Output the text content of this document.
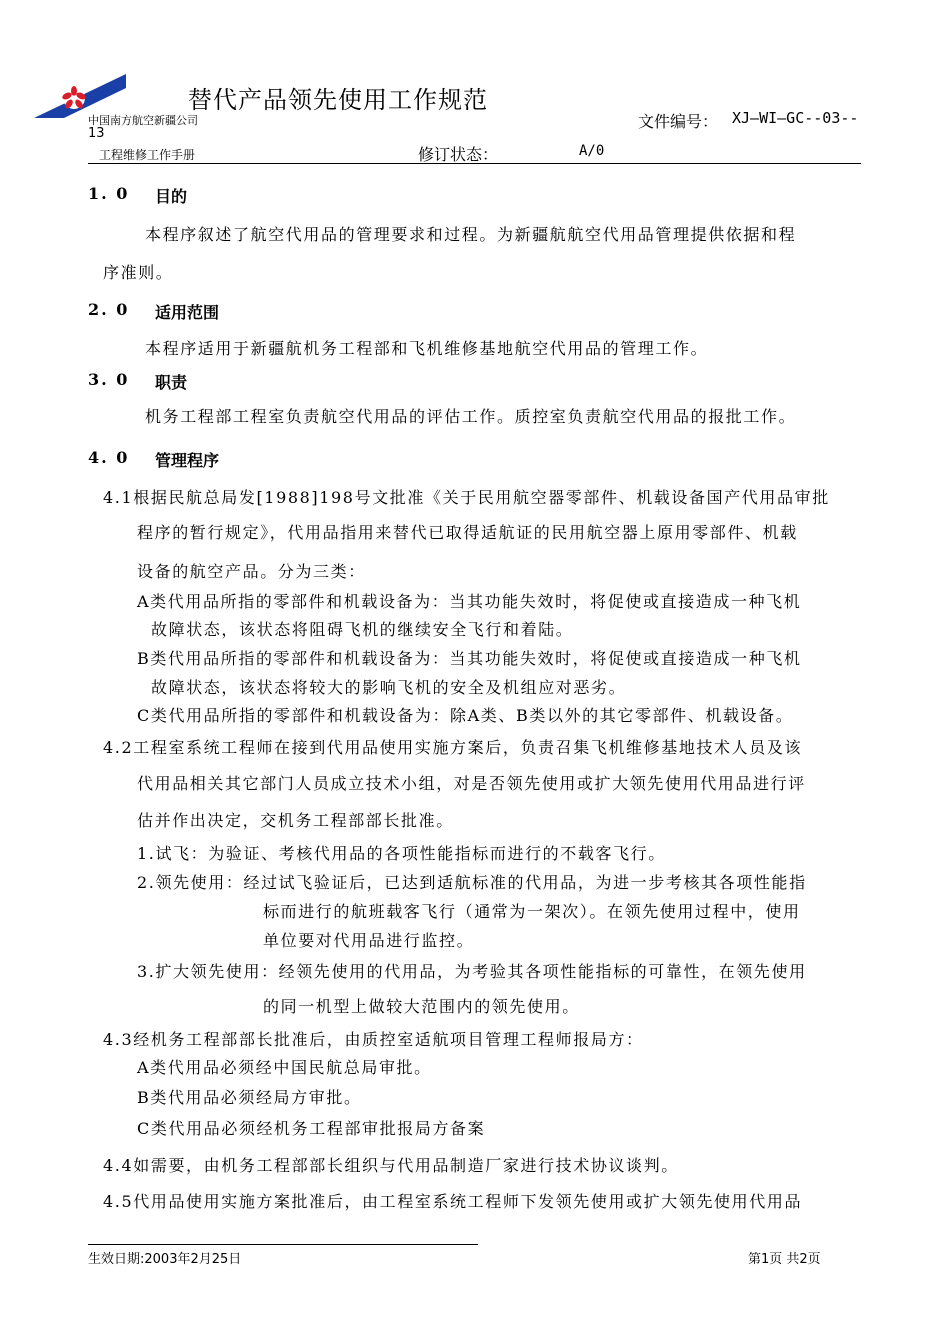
替代产品领先使用工作规范
中国南方航空新疆公司
13
文件编号： XJ—WI—GC--03--
工程维修工作手册	修订状态：	A/0
1. 0 目的
本程序叙述了航空代用品的管理要求和过程。为新疆航航空代用品管理提供依据和程
序准则。
2. 0 适用范围
本程序适用于新疆航机务工程部和飞机维修基地航空代用品的管理工作。
3. 0 职责
机务工程部工程室负责航空代用品的评估工作。质控室负责航空代用品的报批工作。
4. 0 管理程序
4.1根据民航总局发[1988]198号文批准《关于民用航空器零部件、机载设备国产代用品审批
程序的暂行规定》，代用品指用来替代已取得适航证的民用航空器上原用零部件、机载
设备的航空产品。分为三类：
A类代用品所指的零部件和机载设备为：当其功能失效时，将促使或直接造成一种飞机
故障状态，该状态将阻碍飞机的继续安全飞行和着陆。
B类代用品所指的零部件和机载设备为：当其功能失效时，将促使或直接造成一种飞机
故障状态，该状态将较大的影响飞机的安全及机组应对恶劣。
C类代用品所指的零部件和机载设备为：除A类、B类以外的其它零部件、机载设备。
4.2工程室系统工程师在接到代用品使用实施方案后，负责召集飞机维修基地技术人员及该
代用品相关其它部门人员成立技术小组，对是否领先使用或扩大领先使用代用品进行评
估并作出决定，交机务工程部部长批准。
1.试飞：为验证、考核代用品的各项性能指标而进行的不载客飞行。
2.领先使用：经过试飞验证后，已达到适航标准的代用品，为进一步考核其各项性能指
标而进行的航班载客飞行（通常为一架次）。在领先使用过程中，使用
单位要对代用品进行监控。
3.扩大领先使用：经领先使用的代用品，为考验其各项性能指标的可靠性，在领先使用
的同一机型上做较大范围内的领先使用。
4.3经机务工程部部长批准后，由质控室适航项目管理工程师报局方：
A类代用品必须经中国民航总局审批。
B类代用品必须经局方审批。
C类代用品必须经机务工程部审批报局方备案
4.4如需要，由机务工程部部长组织与代用品制造厂家进行技术协议谈判。
4.5代用品使用实施方案批准后，由工程室系统工程师下发领先使用或扩大领先使用代用品
生效日期:2003年2月25日	第1页 共2页
